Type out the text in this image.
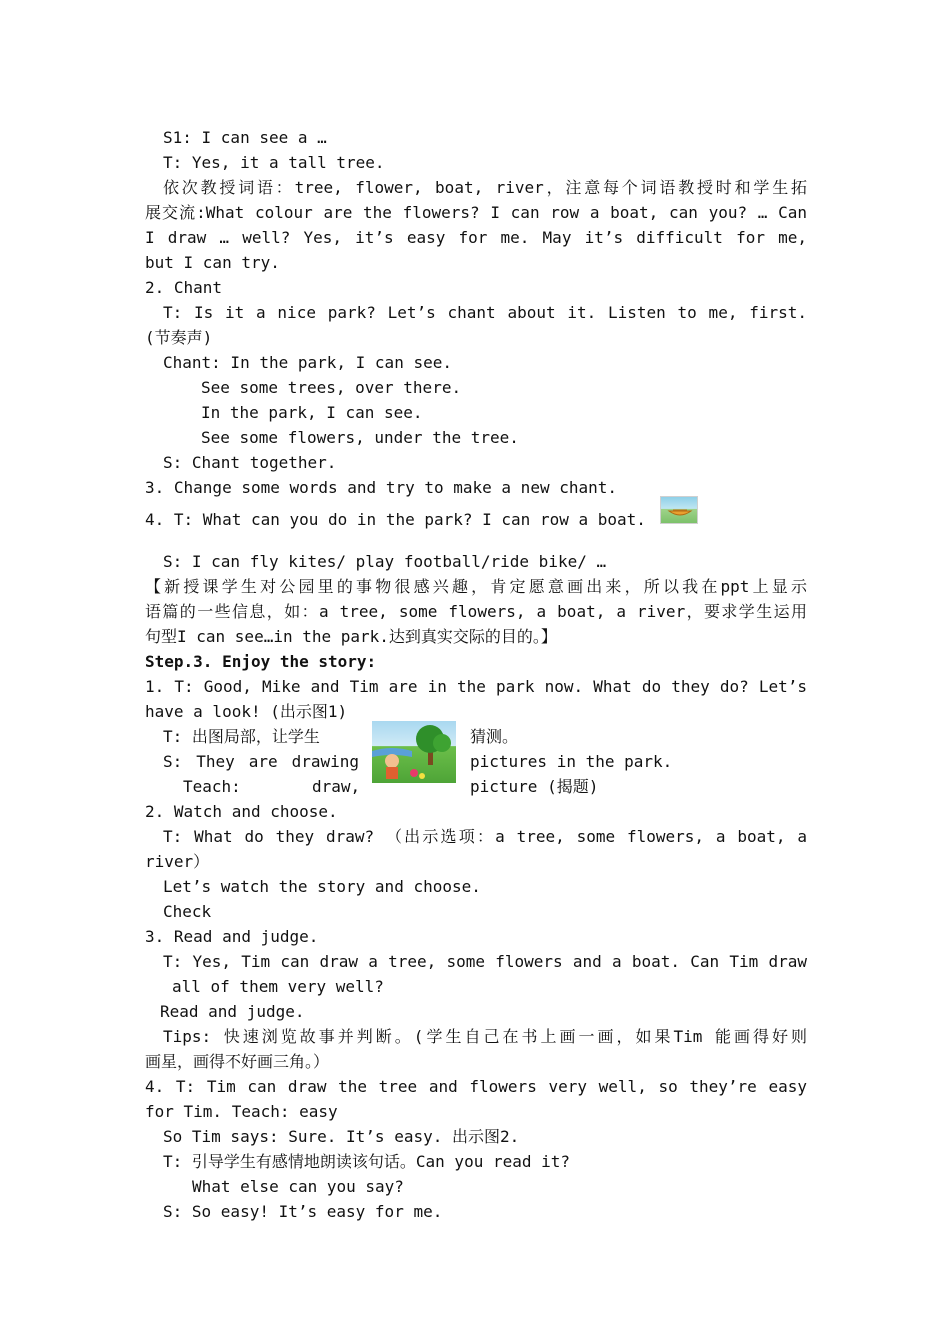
S1: I can see a …
T: Yes, it a tall tree.
依次教授词语：tree, flower, boat, river，注意每个词语教授时和学生拓
展交流:What colour are the flowers? I can row a boat, can you? … Can
I draw … well? Yes, it’s easy for me. May it’s difficult for me,
but I can try.
2. Chant
T: Is it a nice park? Let’s chant about it. Listen to me, first.
(节奏声)
Chant: In the park, I can see.
See some trees, over there.
In the park, I can see.
See some flowers, under the tree.
S: Chant together.
3. Change some words and try to make a new chant.
4. T: What can you do in the park? I can row a boat.
S: I can fly kites/ play football/ride bike/ …
【新授课学生对公园里的事物很感兴趣，肯定愿意画出来，所以我在ppt上显示
语篇的一些信息，如：a tree, some flowers, a boat, a river，要求学生运用
句型I can see…in the park.达到真实交际的目的。】
Step.3. Enjoy the story:
1. T: Good, Mike and Tim are in the park now. What do they do? Let’s
have a look! (出示图1)
T: 出图局部，让学生	猜测。
S: They are drawing	pictures in the park.
Teach:	draw,	picture (揭题)
2. Watch and choose.
T: What do they draw? （出示选项：a tree, some flowers, a boat, a
river）
Let’s watch the story and choose.
Check
3. Read and judge.
T: Yes, Tim can draw a tree, some flowers and a boat. Can Tim draw
all of them very well?
Read and judge.
Tips: 快速浏览故事并判断。(学生自己在书上画一画，如果Tim 能画得好则
画星，画得不好画三角。）
4. T: Tim can draw the tree and flowers very well, so they’re easy
for Tim. Teach: easy
So Tim says: Sure. It’s easy. 出示图2.
T: 引导学生有感情地朗读该句话。Can you read it?
What else can you say?
S: So easy! It’s easy for me.
